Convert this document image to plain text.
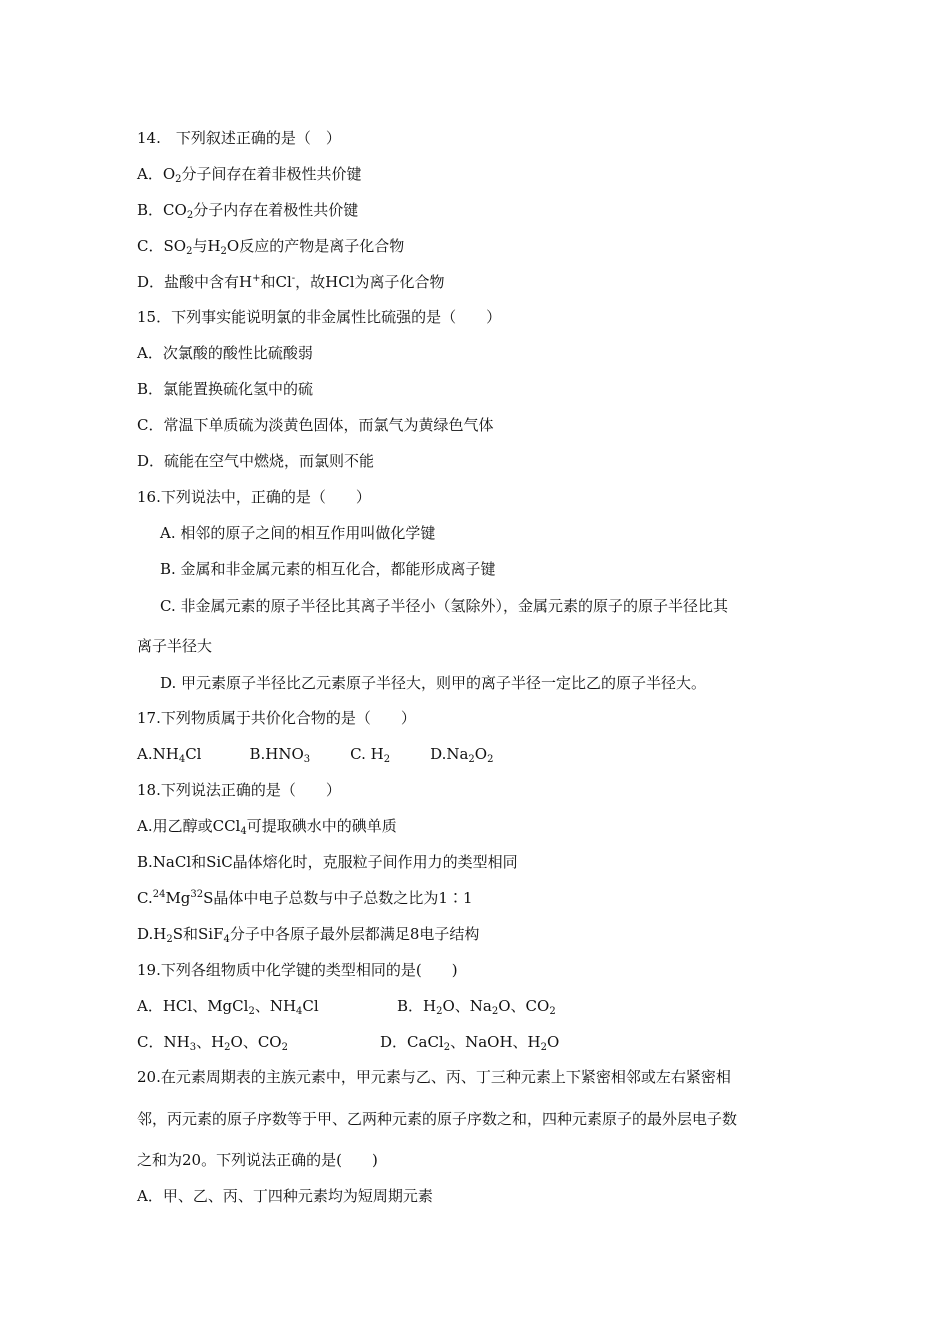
14.　下列叙述正确的是（　）
A．$O_2$分子间存在着非极性共价键
B．$CO_2$分子内存在着极性共价键
C．$SO_2$与$H_2O$反应的产物是离子化合物
D．盐酸中含有H+和Cl-，故HCl为离子化合物
15．下列事实能说明氯的非金属性比硫强的是（　　）
A．次氯酸的酸性比硫酸弱
B．氯能置换硫化氢中的硫
C．常温下单质硫为淡黄色固体，而氯气为黄绿色气体
D．硫能在空气中燃烧，而氯则不能
16.下列说法中，正确的是（　　）
A. 相邻的原子之间的相互作用叫做化学键
B. 金属和非金属元素的相互化合，都能形成离子键
C. 非金属元素的原子半径比其离子半径小（氢除外），金属元素的原子的原子半径比其
离子半径大
D. 甲元素原子半径比乙元素原子半径大，则甲的离子半径一定比乙的原子半径大。
17.下列物质属于共价化合物的是（　　）
$A.NH_4Cl$	$B.HNO_3$	C. $H_2$	$D.Na_2O_2$
18.下列说法正确的是（　　）
A.用乙醇或CCl$_4$可提取碘水中的碘单质
B.NaCl和SiC晶体熔化时，克服粒子间作用力的类型相同
C.$^{24}$Mg$^{32}$S晶体中电子总数与中子总数之比为1∶1
$D.H_2S$和SiF$_4$分子中各原子最外层都满足8电子结构
19.下列各组物质中化学键的类型相同的是(　　)
A．HCl、MgCl$_2$、$NH_4Cl$	B．$H_2O$、$Na_2O$、$CO_2$
C．$NH_3$、$H_2O$、$CO_2$	D．CaCl$_2$、NaOH、$H_2O$
20.在元素周期表的主族元素中，甲元素与乙、丙、丁三种元素上下紧密相邻或左右紧密相
邻，丙元素的原子序数等于甲、乙两种元素的原子序数之和，四种元素原子的最外层电子数
之和为20。下列说法正确的是(　　)
A．甲、乙、丙、丁四种元素均为短周期元素
